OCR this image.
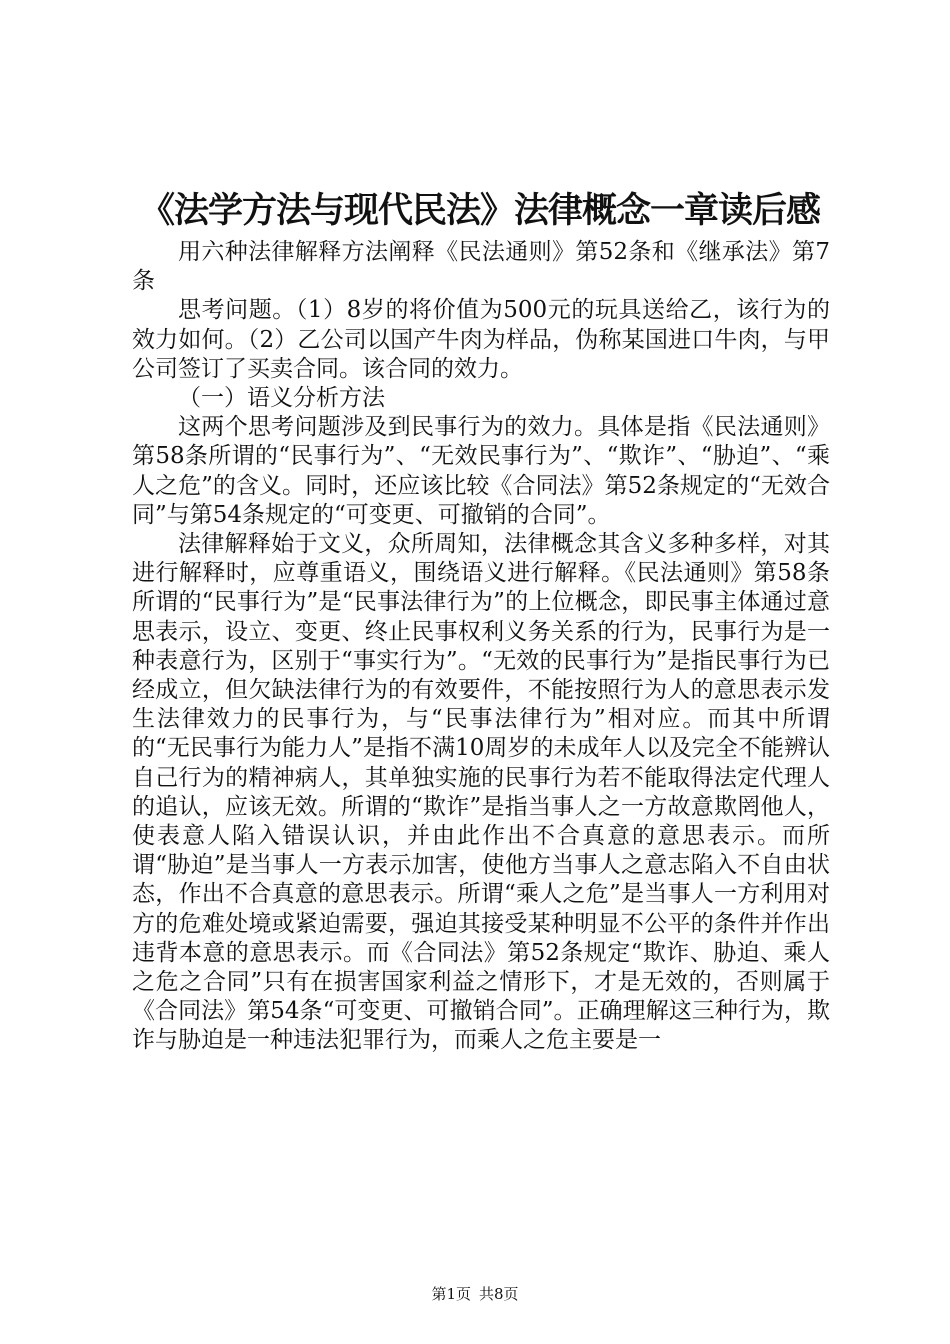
《法学方法与现代民法》法律概念一章读后感

用六种法律解释方法阐释《民法通则》第52条和《继承法》第7条

思考问题。（1）8岁的将价值为500元的玩具送给乙，该行为的效力如何。（2）乙公司以国产牛肉为样品，伪称某国进口牛肉，与甲公司签订了买卖合同。该合同的效力。

（一）语义分析方法

这两个思考问题涉及到民事行为的效力。具体是指《民法通则》第58条所谓的“民事行为”、“无效民事行为”、“欺诈”、“胁迫”、“乘人之危”的含义。同时，还应该比较《合同法》第52条规定的“无效合同”与第54条规定的“可变更、可撤销的合同”。

法律解释始于文义，众所周知，法律概念其含义多种多样，对其进行解释时，应尊重语义，围绕语义进行解释。《民法通则》第58条所谓的“民事行为”是“民事法律行为”的上位概念，即民事主体通过意思表示，设立、变更、终止民事权利义务关系的行为，民事行为是一种表意行为，区别于“事实行为”。“无效的民事行为”是指民事行为已经成立，但欠缺法律行为的有效要件，不能按照行为人的意思表示发生法律效力的民事行为，与“民事法律行为”相对应。而其中所谓的“无民事行为能力人”是指不满10周岁的未成年人以及完全不能辨认自己行为的精神病人，其单独实施的民事行为若不能取得法定代理人的追认，应该无效。所谓的“欺诈”是指当事人之一方故意欺罔他人，使表意人陷入错误认识，并由此作出不合真意的意思表示。而所谓“胁迫”是当事人一方表示加害，使他方当事人之意志陷入不自由状态，作出不合真意的意思表示。所谓“乘人之危”是当事人一方利用对方的危难处境或紧迫需要，强迫其接受某种明显不公平的条件并作出违背本意的意思表示。而《合同法》第52条规定“欺诈、胁迫、乘人之危之合同”只有在损害国家利益之情形下，才是无效的，否则属于《合同法》第54条“可变更、可撤销合同”。正确理解这三种行为，欺诈与胁迫是一种违法犯罪行为，而乘人之危主要是一

第1页 共8页
